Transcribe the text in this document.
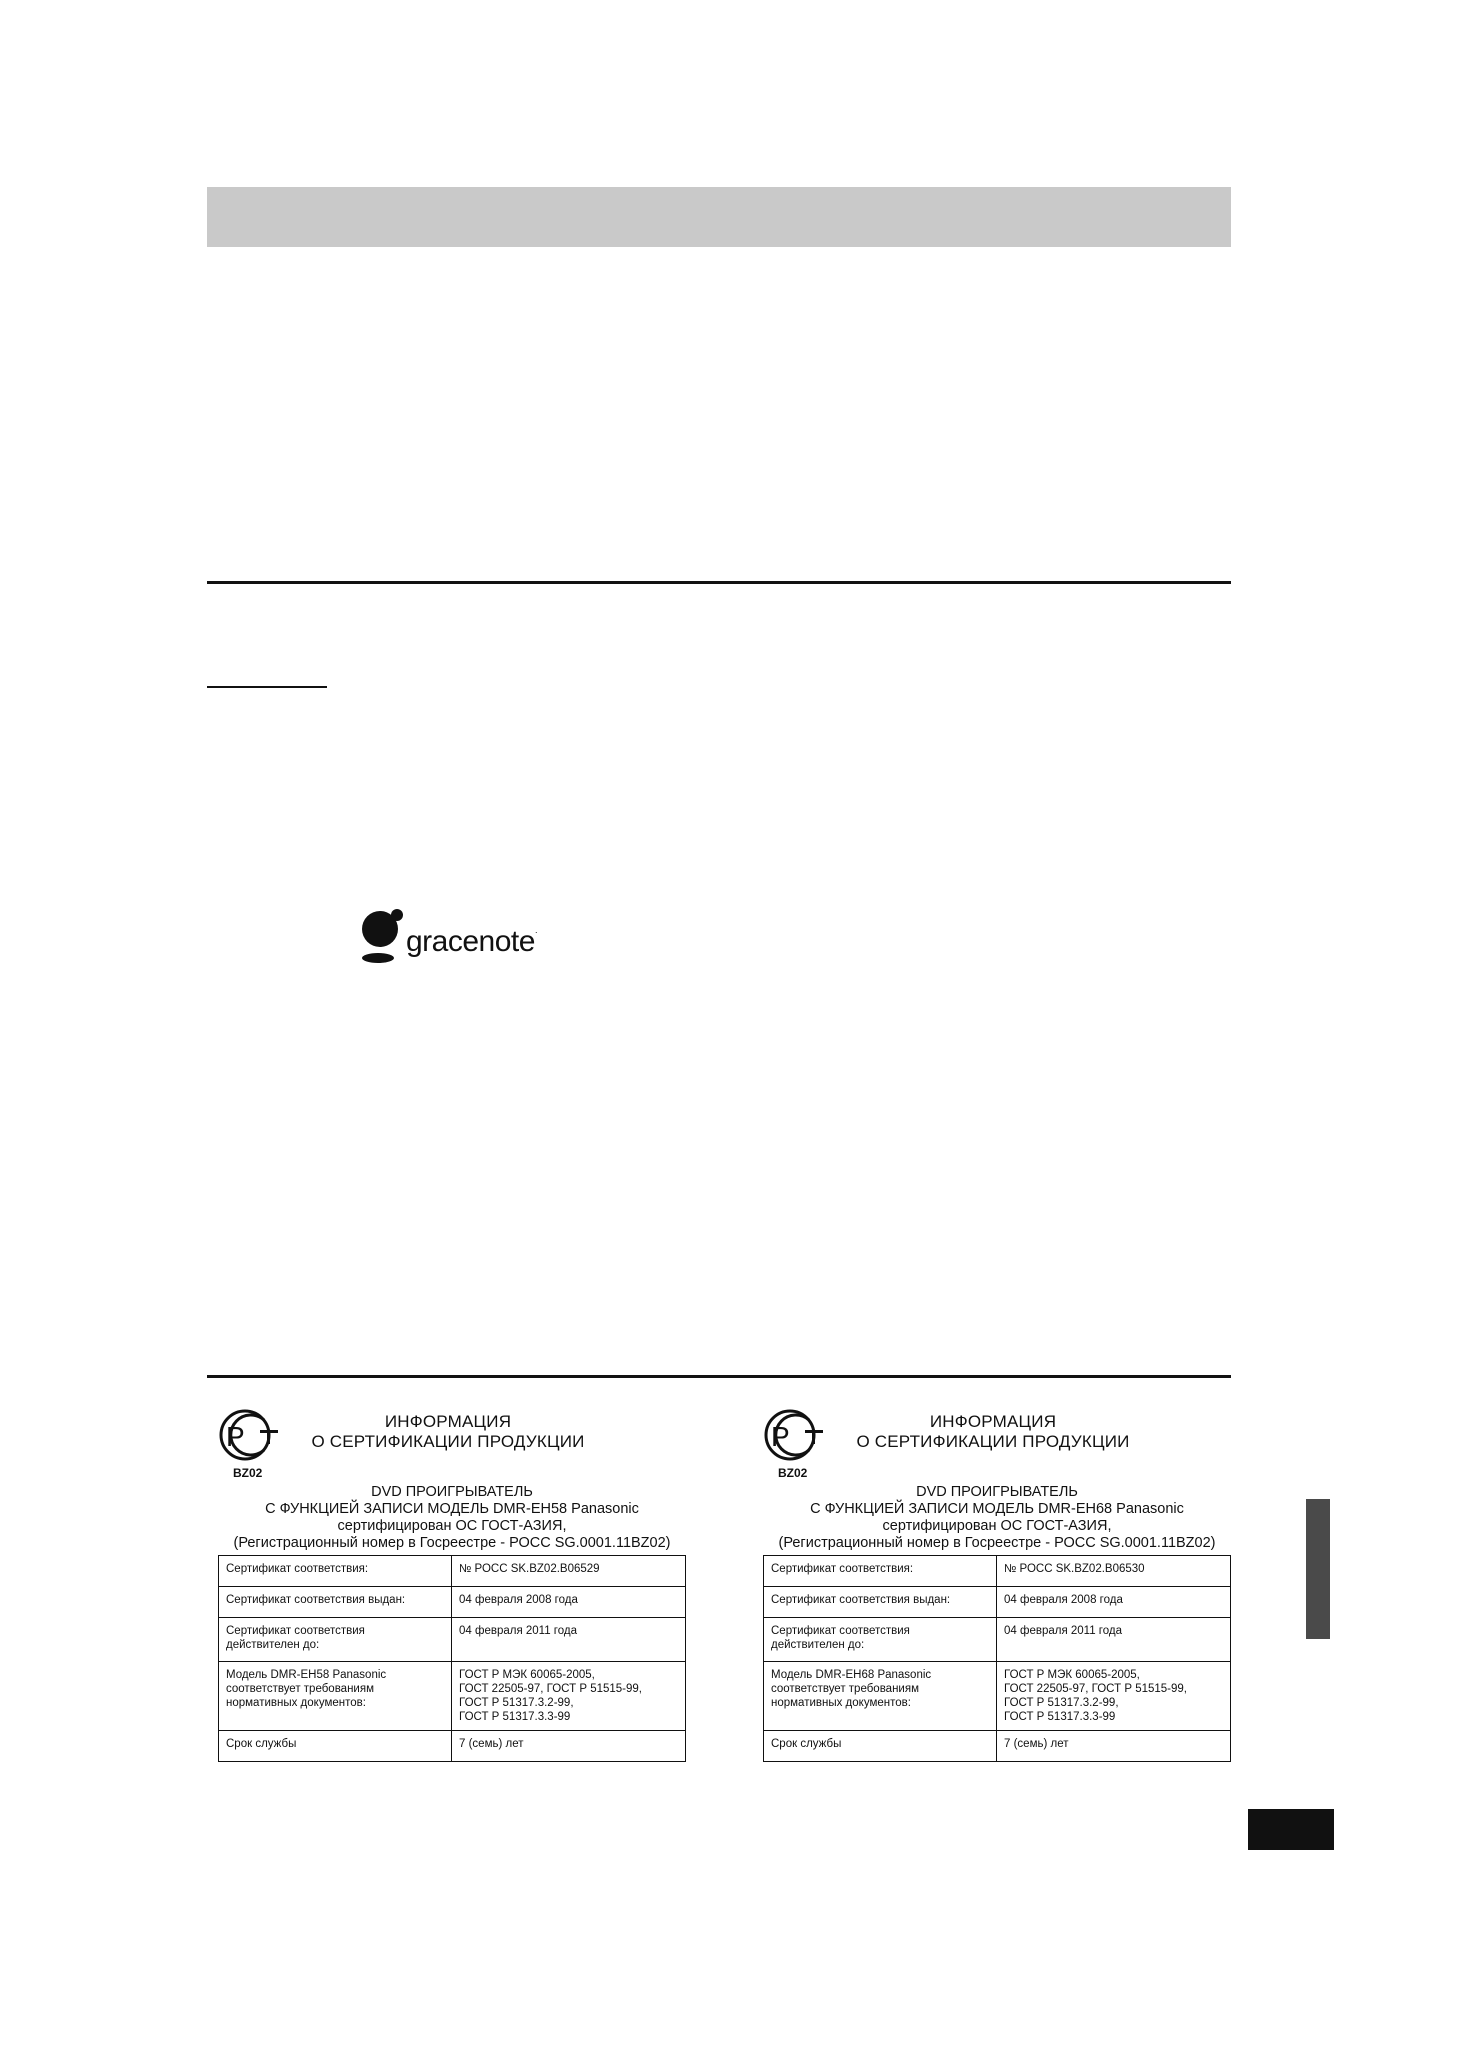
gracenote.
Р
BZ02
ИНФОРМАЦИЯ
О СЕРТИФИКАЦИИ ПРОДУКЦИИ
DVD ПРОИГРЫВАТЕЛЬ
С ФУНКЦИЕЙ ЗАПИСИ МОДЕЛЬ DMR-EH58 Panasonic
сертифицирован ОС ГОСТ-АЗИЯ,
(Регистрационный номер в Госреестре - РОСС SG.0001.11BZ02)
Сертификат соответствия:	№ РОСС SK.BZ02.B06529
Сертификат соответствия выдан:	04 февраля 2008 года
Сертификат соответствия
действителен до:	04 февраля 2011 года
Модель DMR-EH58 Panasonic
соответствует требованиям
нормативных документов:	ГОСТ Р МЭК 60065-2005,
ГОСТ 22505-97, ГОСТ Р 51515-99,
ГОСТ Р 51317.3.2-99,
ГОСТ Р 51317.3.3-99
Срок службы	7 (семь) лет
Р
BZ02
ИНФОРМАЦИЯ
О СЕРТИФИКАЦИИ ПРОДУКЦИИ
DVD ПРОИГРЫВАТЕЛЬ
С ФУНКЦИЕЙ ЗАПИСИ МОДЕЛЬ DMR-EH68 Panasonic
сертифицирован ОС ГОСТ-АЗИЯ,
(Регистрационный номер в Госреестре - РОСС SG.0001.11BZ02)
Сертификат соответствия:	№ РОСС SK.BZ02.B06530
Сертификат соответствия выдан:	04 февраля 2008 года
Сертификат соответствия
действителен до:	04 февраля 2011 года
Модель DMR-EH68 Panasonic
соответствует требованиям
нормативных документов:	ГОСТ Р МЭК 60065-2005,
ГОСТ 22505-97, ГОСТ Р 51515-99,
ГОСТ Р 51317.3.2-99,
ГОСТ Р 51317.3.3-99
Срок службы	7 (семь) лет
